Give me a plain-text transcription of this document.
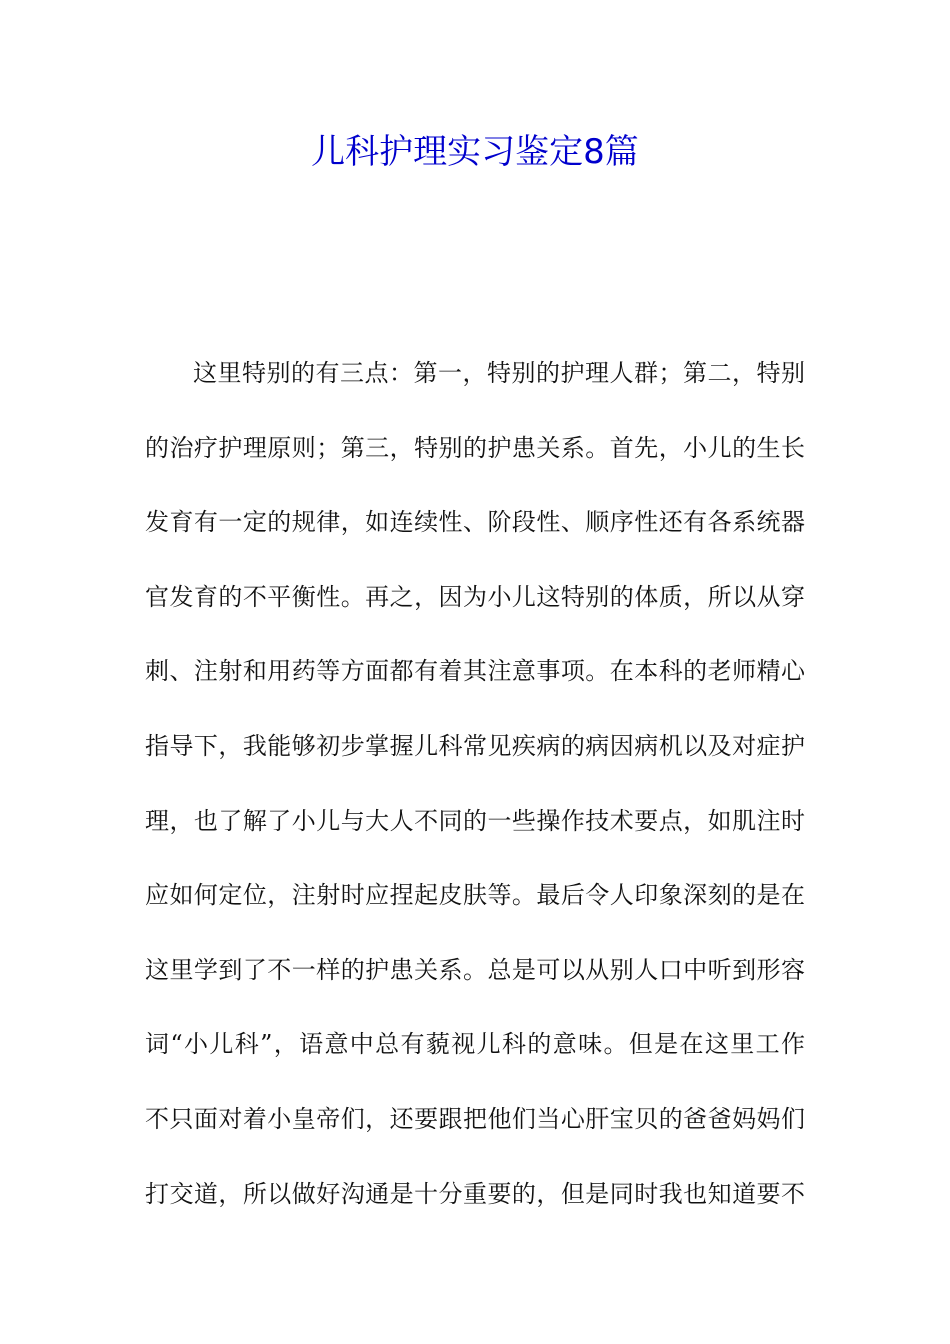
儿科护理实习鉴定8篇
这里特别的有三点：第一，特别的护理人群；第二，特别
的治疗护理原则；第三，特别的护患关系。首先，小儿的生长
发育有一定的规律，如连续性、阶段性、顺序性还有各系统器
官发育的不平衡性。再之，因为小儿这特别的体质，所以从穿
刺、注射和用药等方面都有着其注意事项。在本科的老师精心
指导下，我能够初步掌握儿科常见疾病的病因病机以及对症护
理，也了解了小儿与大人不同的一些操作技术要点，如肌注时
应如何定位，注射时应捏起皮肤等。最后令人印象深刻的是在
这里学到了不一样的护患关系。总是可以从别人口中听到形容
词“小儿科”，语意中总有藐视儿科的意味。但是在这里工作
不只面对着小皇帝们，还要跟把他们当心肝宝贝的爸爸妈妈们
打交道，所以做好沟通是十分重要的，但是同时我也知道要不
